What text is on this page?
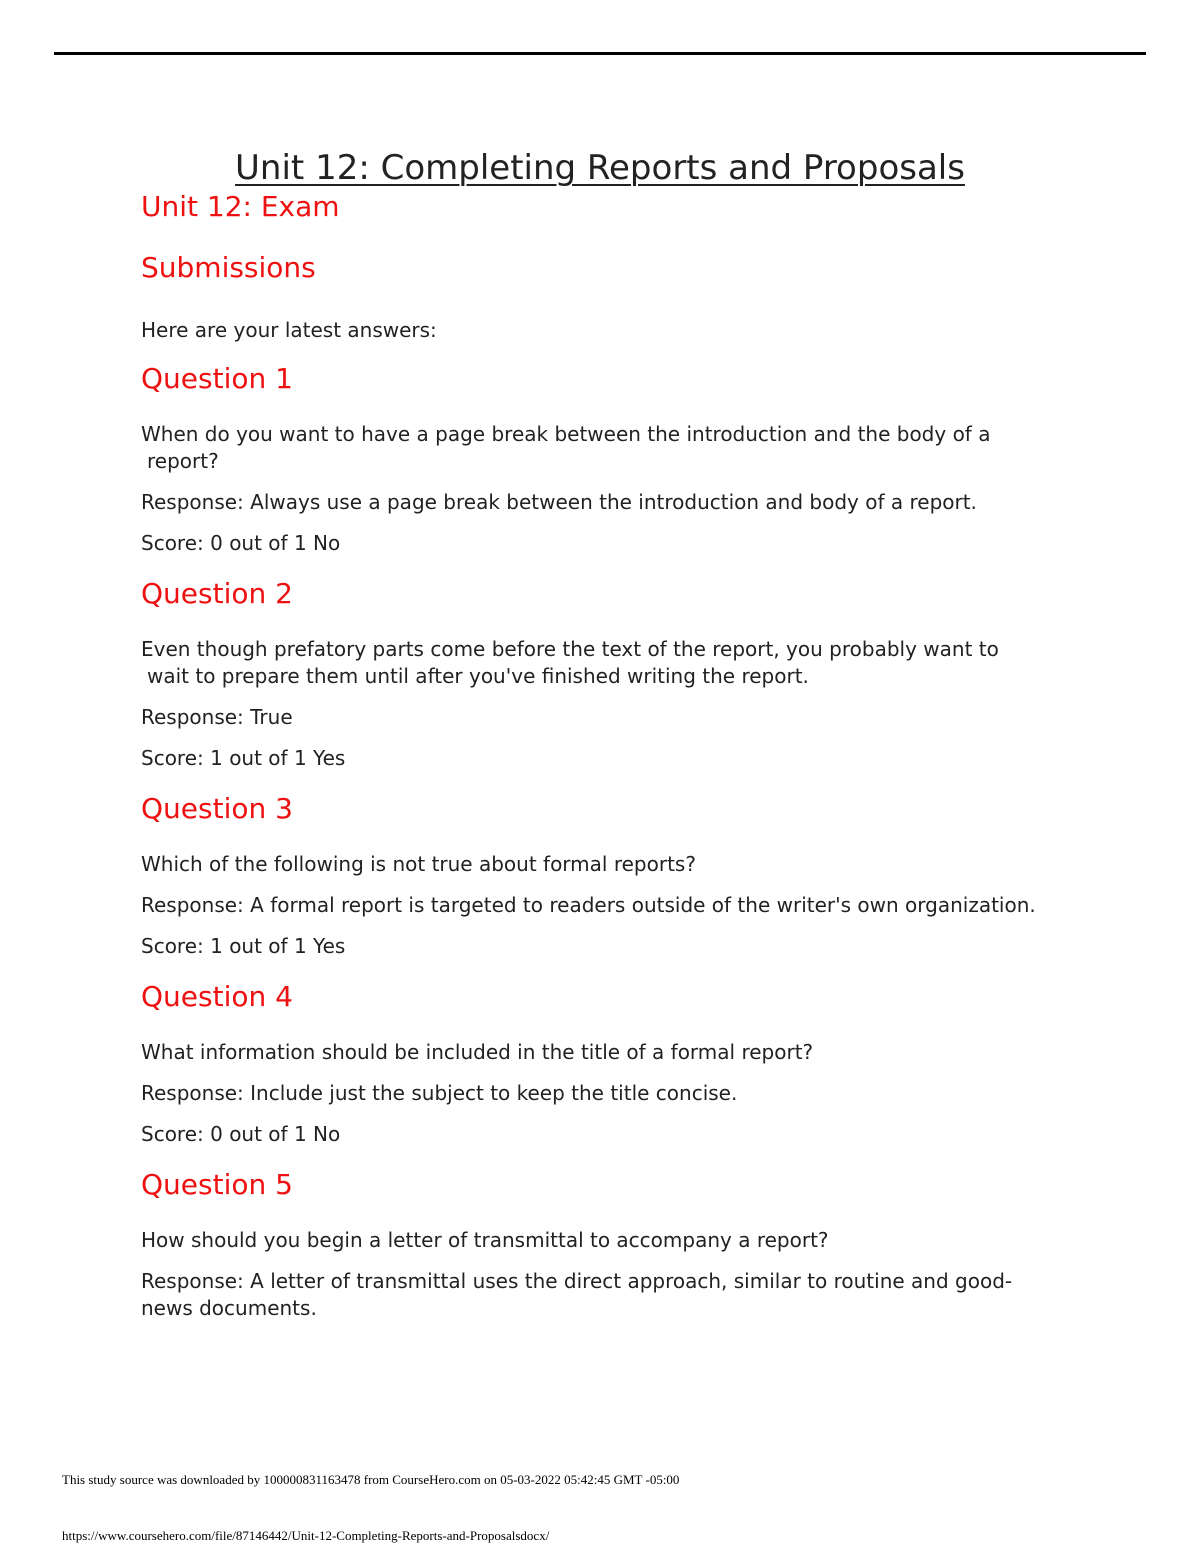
Unit 12: Completing Reports and Proposals
Unit 12: Exam
Submissions

Here are your latest answers:

Question 1

When do you want to have a page break between the introduction and the body of a report?

Response: Always use a page break between the introduction and body of a report.

Score: 0 out of 1 No

Question 2

Even though prefatory parts come before the text of the report, you probably want to wait to prepare them until after you've finished writing the report.

Response: True

Score: 1 out of 1 Yes

Question 3

Which of the following is not true about formal reports?

Response: A formal report is targeted to readers outside of the writer's own organization.

Score: 1 out of 1 Yes

Question 4

What information should be included in the title of a formal report?

Response: Include just the subject to keep the title concise.

Score: 0 out of 1 No

Question 5

How should you begin a letter of transmittal to accompany a report?

Response: A letter of transmittal uses the direct approach, similar to routine and good-news documents.

This study source was downloaded by 100000831163478 from CourseHero.com on 05-03-2022 05:42:45 GMT -05:00
https://www.coursehero.com/file/87146442/Unit-12-Completing-Reports-and-Proposalsdocx/
